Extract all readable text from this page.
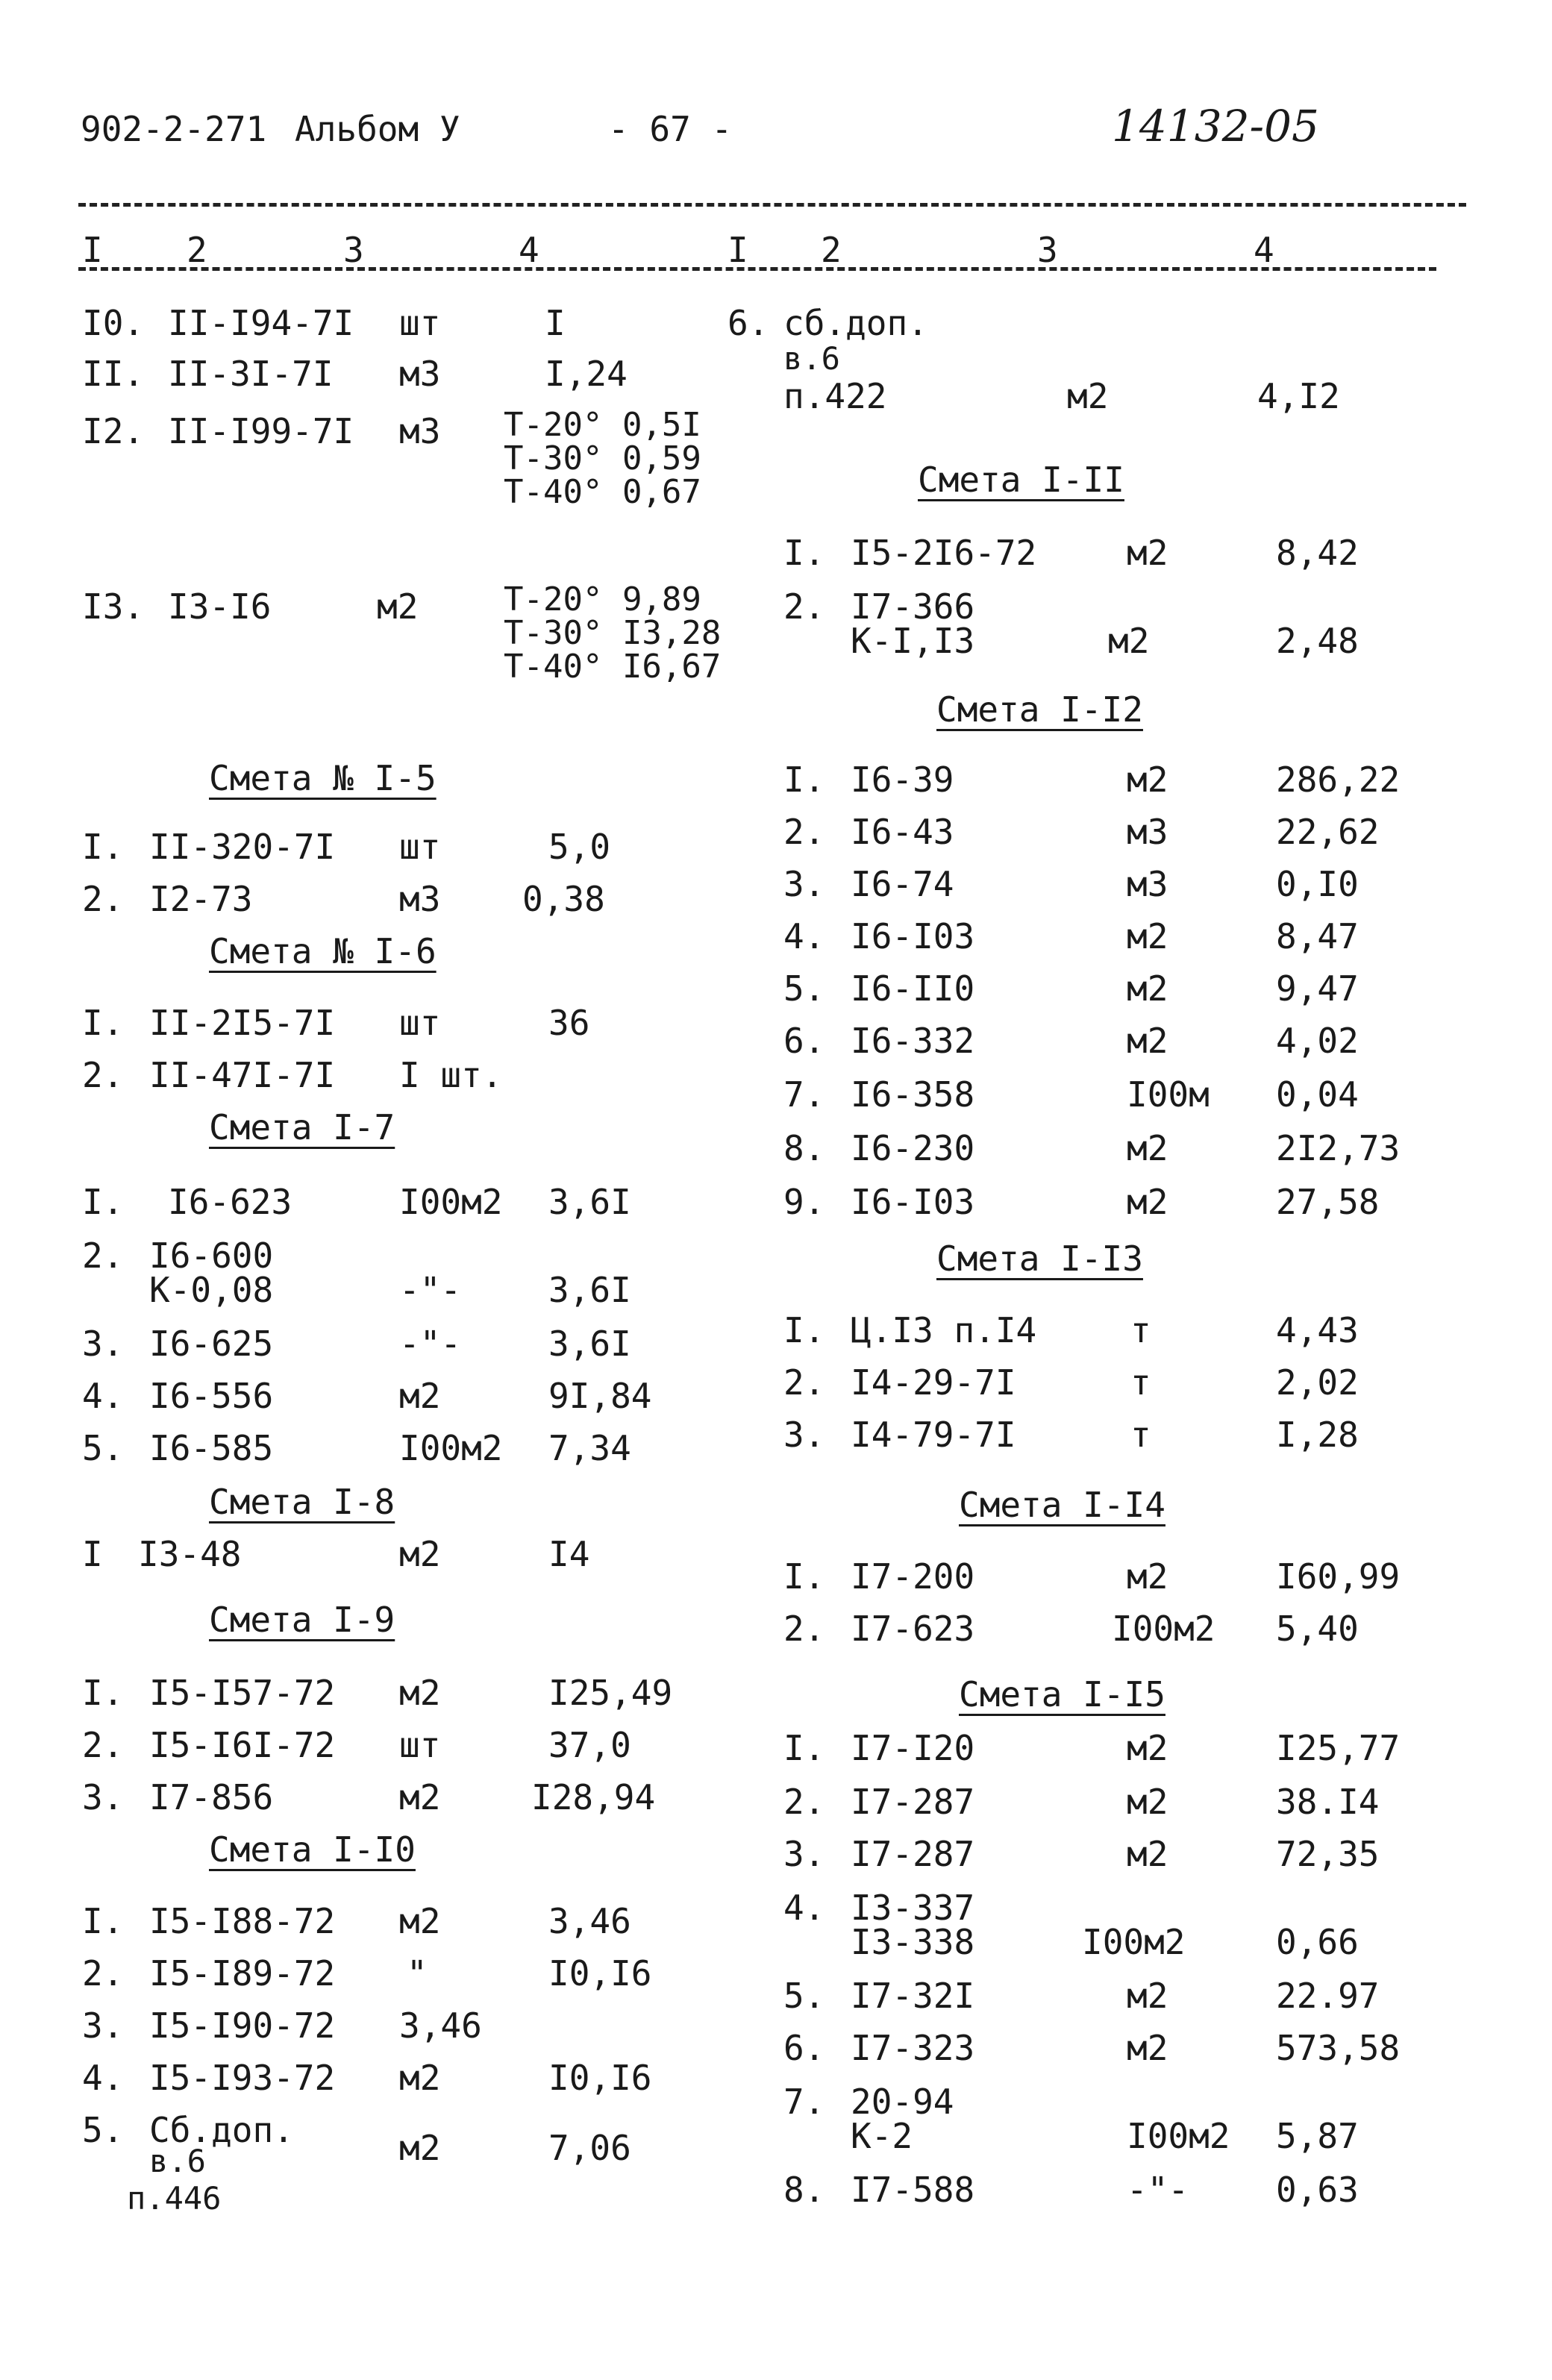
902-2-271 Альбом У	- 67 -	14132-05
I 2	3	4	I 2	3	4
I0. II-I94-7I шт	I
II. II-3I-7I м3	I,24
I2. II-I99-7I м3 Т-20° 0,5I
Т-30° 0,59
Т-40° 0,67
I3. I3-I6	м2	Т-20° 9,89
Т-30° I3,28
Т-40° I6,67
Смета № I-5
I. II-320-7I шт	5,0
2. I2-73	м3 0,38
Смета № I-6
I. II-2I5-7I шт	36
2. II-47I-7I I шт.
Смета I-7
I. I6-623	I00м2 3,6I
2. I6-600
К-0,08	-"-	3,6I
3. I6-625	-"-	3,6I
4. I6-556	м2	9I,84
5. I6-585	I00м2 7,34
Смета I-8
I I3-48	м2	I4
Смета I-9
I. I5-I57-72 м2	I25,49
2. I5-I6I-72 шт	37,0
3. I7-856	м2	I28,94
Смета I-I0
I. I5-I88-72 м2	3,46
2. I5-I89-72 "	I0,I6
3. I5-I90-72 3,46
4. I5-I93-72 м2	I0,I6
5. Сб.доп.
в.6
п.446
м2	7,06
6. сб.доп.
в.6
п.422	м2	4,I2
Смета I-II
I. I5-2I6-72	м2	8,42
2. I7-366
К-I,I3	м2	2,48
Смета I-I2
I. I6-39	м2	286,22
2. I6-43	м3	22,62
3. I6-74	м3	0,I0
4. I6-I03	м2	8,47
5. I6-II0	м2	9,47
6. I6-332	м2	4,02
7. I6-358	I00м 0,04
8. I6-230	м2	2I2,73
9. I6-I03	м2	27,58
Смета I-I3
I. Ц.I3 п.I4	т	4,43
2. I4-29-7I	т	2,02
3. I4-79-7I	т	I,28
Смета I-I4
I. I7-200	м2	I60,99
2. I7-623	I00м2 5,40
Смета I-I5
I. I7-I20	м2	I25,77
2. I7-287	м2	38.I4
3. I7-287	м2	72,35
4. I3-337
I3-338	I00м2	0,66
5. I7-32I	м2	22.97
6. I7-323	м2	573,58
7. 20-94
К-2	I00м2 5,87
8. I7-588	-"-	0,63
